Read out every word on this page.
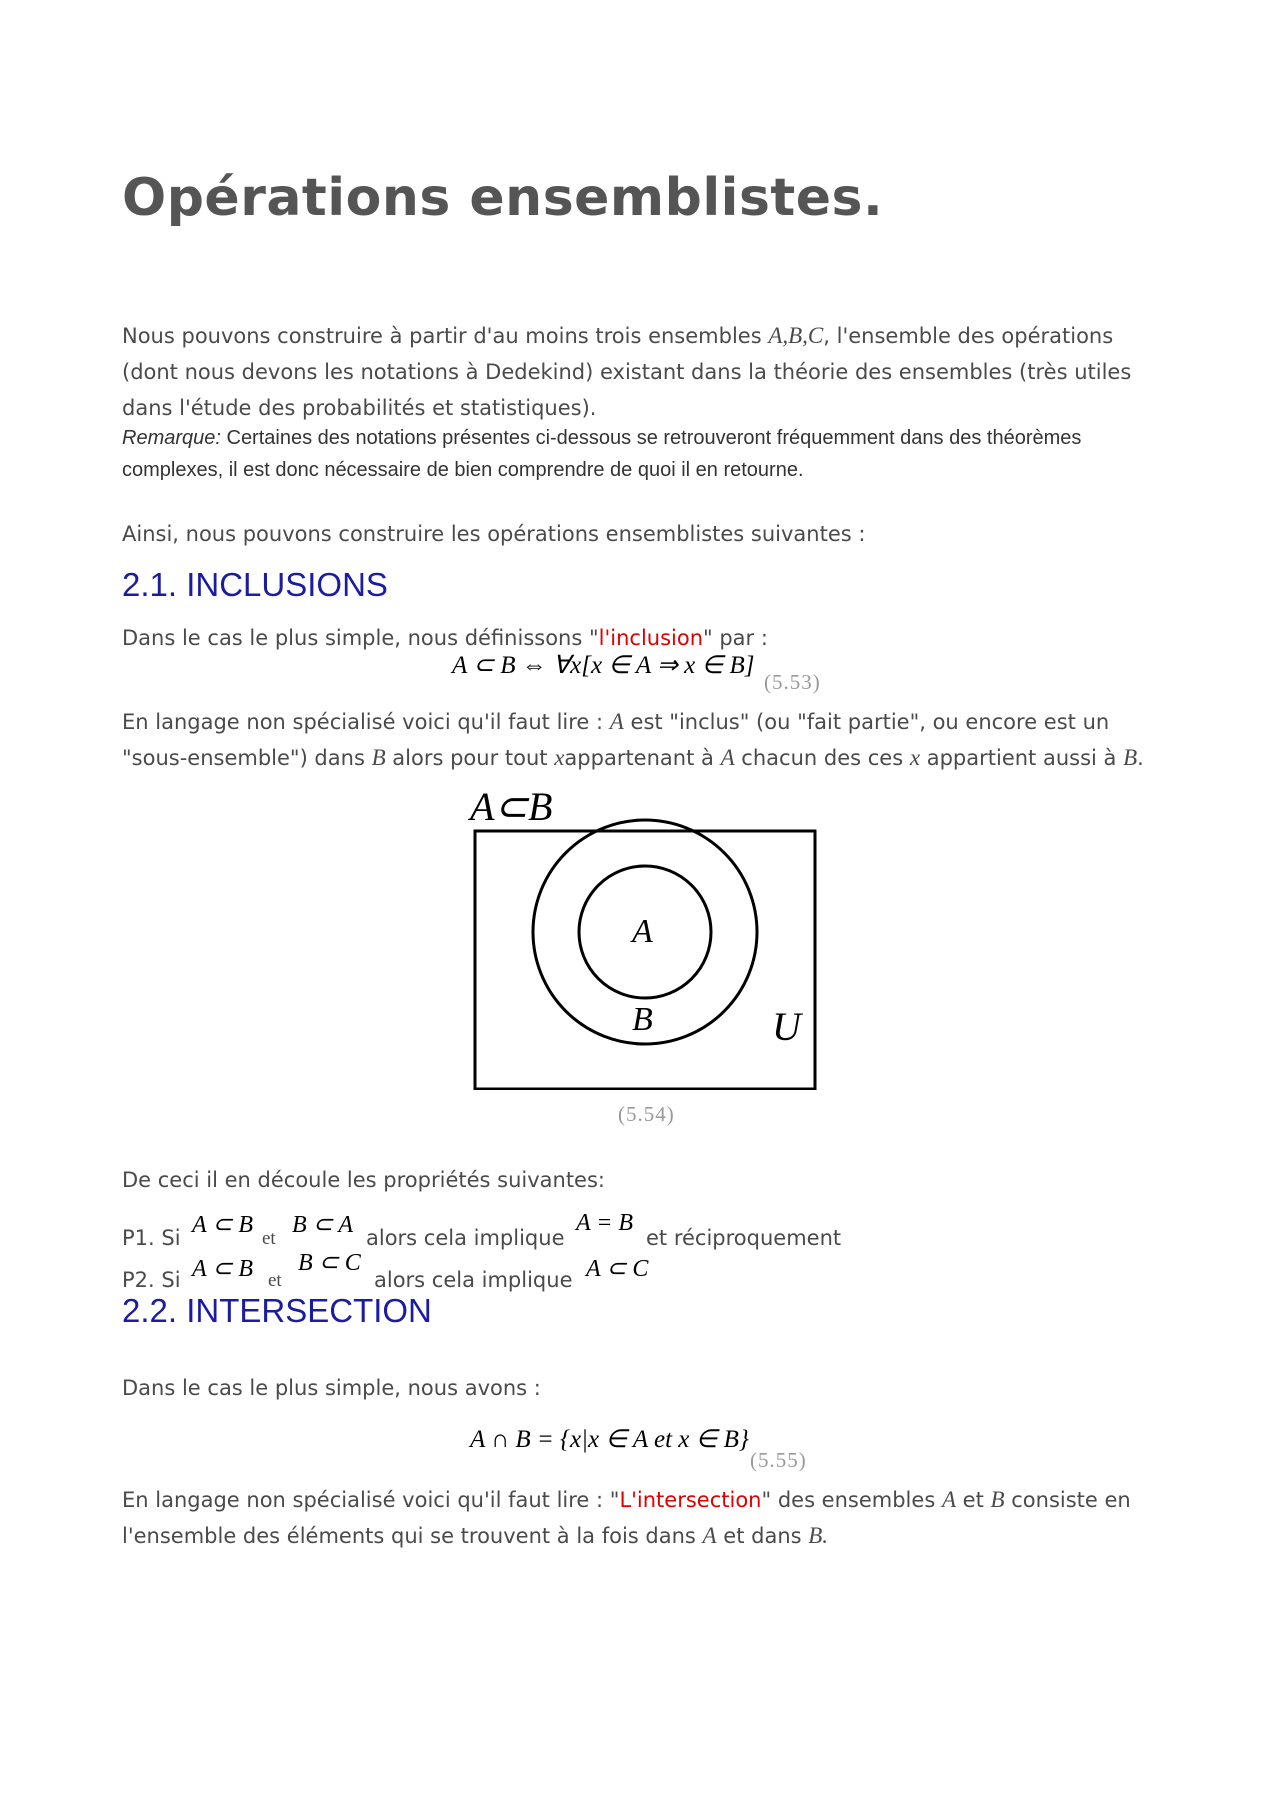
Opérations ensemblistes.
Nous pouvons construire à partir d'au moins trois ensembles A,B,C, l'ensemble des opérations (dont nous devons les notations à Dedekind) existant dans la théorie des ensembles (très utiles dans l'étude des probabilités et statistiques).
Remarque: Certaines des notations présentes ci-dessous se retrouveront fréquemment dans des théorèmes complexes, il est donc nécessaire de bien comprendre de quoi il en retourne.
Ainsi, nous pouvons construire les opérations ensemblistes suivantes :
2.1. INCLUSIONS
Dans le cas le plus simple, nous définissons "l'inclusion" par :
A ⊂ B ⇔ ∀x[x ∈ A ⇒ x ∈ B]
(5.53)
En langage non spécialisé voici qu'il faut lire : A est "inclus" (ou "fait partie", ou encore est un "sous-ensemble") dans B alors pour tout xappartenant à A chacun des ces x appartient aussi à B.
A⊂B
A
B	U
(5.54)
De ceci il en découle les propriétés suivantes:
P1. Si A ⊂ B
et
B ⊂ A alors cela implique
A = B
et réciproquement
P2. Si A ⊂ B et
B ⊂ C
alors cela implique A ⊂ C
2.2. INTERSECTION
Dans le cas le plus simple, nous avons :
A ∩ B = {x|x ∈ A et x ∈ B}
(5.55)
En langage non spécialisé voici qu'il faut lire : "L'intersection" des ensembles A et B consiste en l'ensemble des éléments qui se trouvent à la fois dans A et dans B.
